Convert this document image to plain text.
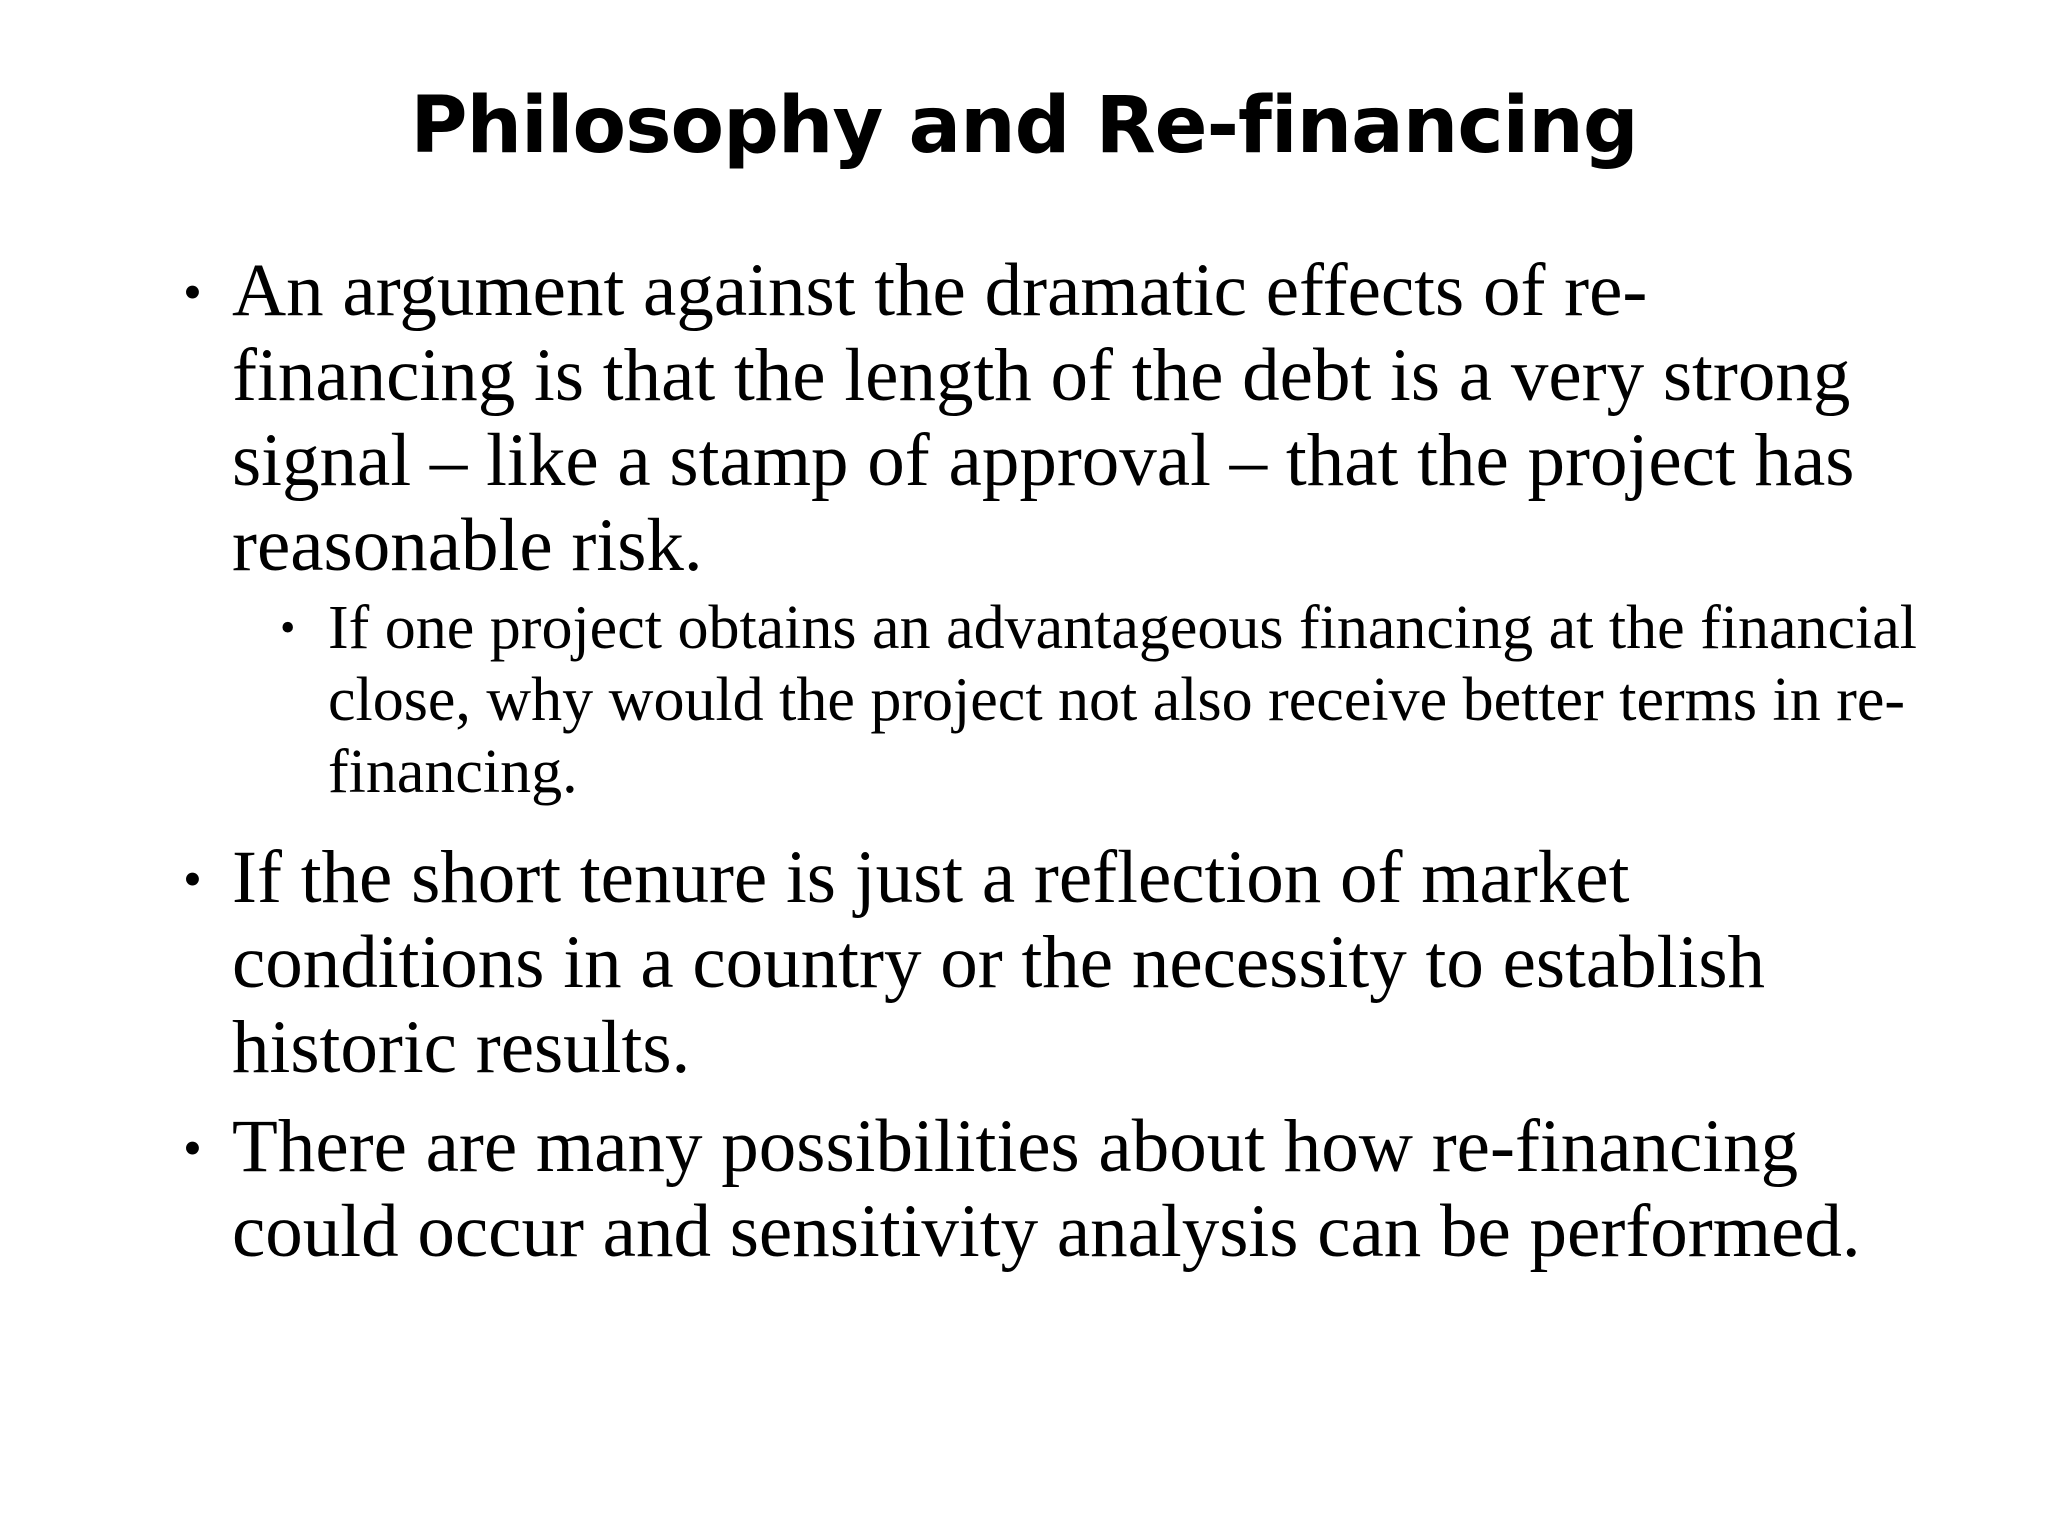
Philosophy and Re-financing
• An argument against the dramatic effects of re-financing is that the length of the debt is a very strong signal – like a stamp of approval – that the project has reasonable risk.
• If one project obtains an advantageous financing at the financial close, why would the project not also receive better terms in re-financing.
• If the short tenure is just a reflection of market conditions in a country or the necessity to establish historic results.
• There are many possibilities about how re-financing could occur and sensitivity analysis can be performed.
